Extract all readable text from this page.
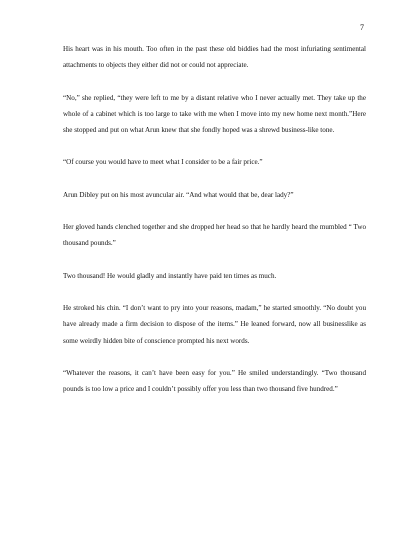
7

His heart was in his mouth. Too often in the past these old biddies had the most infuriating sentimental attachments to objects they either did not or could not appreciate.

“No,” she replied, “they were left to me by a distant relative who I never actually met. They take up the whole of a cabinet which is too large to take with me when I move into my new home next month.”Here she stopped and put on what Arun knew that she fondly hoped was a shrewd business-like tone.

“Of course you would have to meet what I consider to be a fair price.”

Arun Dibley put on his most avuncular air. “And what would that be, dear lady?”

Her gloved hands clenched together and she dropped her head so that he hardly heard the mumbled “ Two thousand pounds.”

Two thousand! He would gladly and instantly have paid ten times as much.

He stroked his chin. “I don’t want to pry into your reasons, madam,” he started smoothly. “No doubt you have already made a firm decision to dispose of the items.” He leaned forward, now all businesslike as some weirdly hidden bite of conscience prompted his next words.

“Whatever the reasons, it can’t have been easy for you.” He smiled understandingly. “Two thousand pounds is too low a price and I couldn’t possibly offer you less than two thousand five hundred.”
